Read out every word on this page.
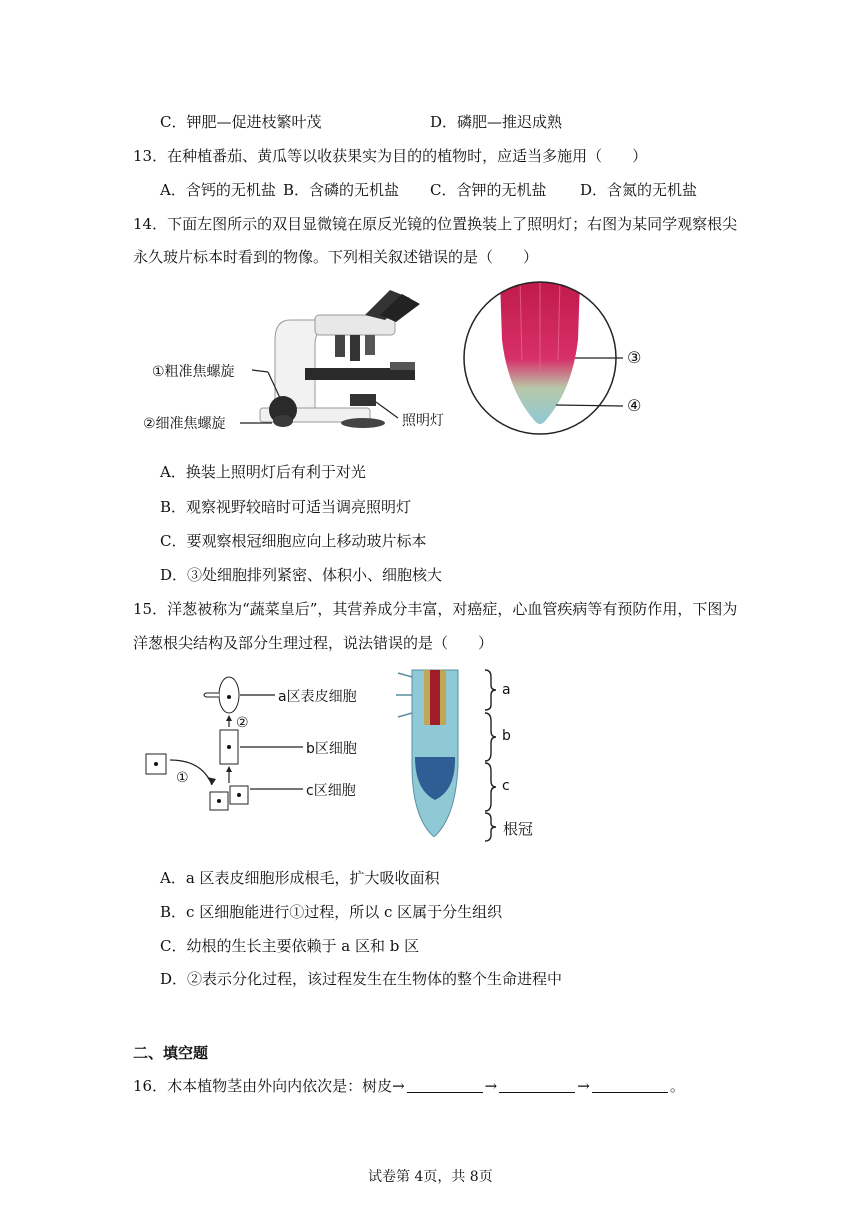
C．钾肥—促进枝繁叶茂	D．磷肥—推迟成熟
13．在种植番茄、黄瓜等以收获果实为目的的植物时，应适当多施用（　　）
A．含钙的无机盐 B．含磷的无机盐 C．含钾的无机盐 D．含氮的无机盐
14．下面左图所示的双目显微镜在原反光镜的位置换装上了照明灯；右图为某同学观察根尖
永久玻片标本时看到的物像。下列相关叙述错误的是（　　）
①粗准焦螺旋
②细准焦螺旋	照明灯
③
④
A．换装上照明灯后有利于对光
B．观察视野较暗时可适当调亮照明灯
C．要观察根冠细胞应向上移动玻片标本
D．③处细胞排列紧密、体积小、细胞核大
15．洋葱被称为“蔬菜皇后”，其营养成分丰富，对癌症，心血管疾病等有预防作用，下图为
洋葱根尖结构及部分生理过程，说法错误的是（　　）
a区表皮细胞
b区细胞
c区细胞
①
②
a
b
c
根冠
A．a 区表皮细胞形成根毛，扩大吸收面积
B．c 区细胞能进行①过程，所以 c 区属于分生组织
C．幼根的生长主要依赖于 a 区和 b 区
D．②表示分化过程，该过程发生在生物体的整个生命进程中
二、填空题
16．木本植物茎由外向内依次是：树皮→	→	→	。
试卷第 4页，共 8页
